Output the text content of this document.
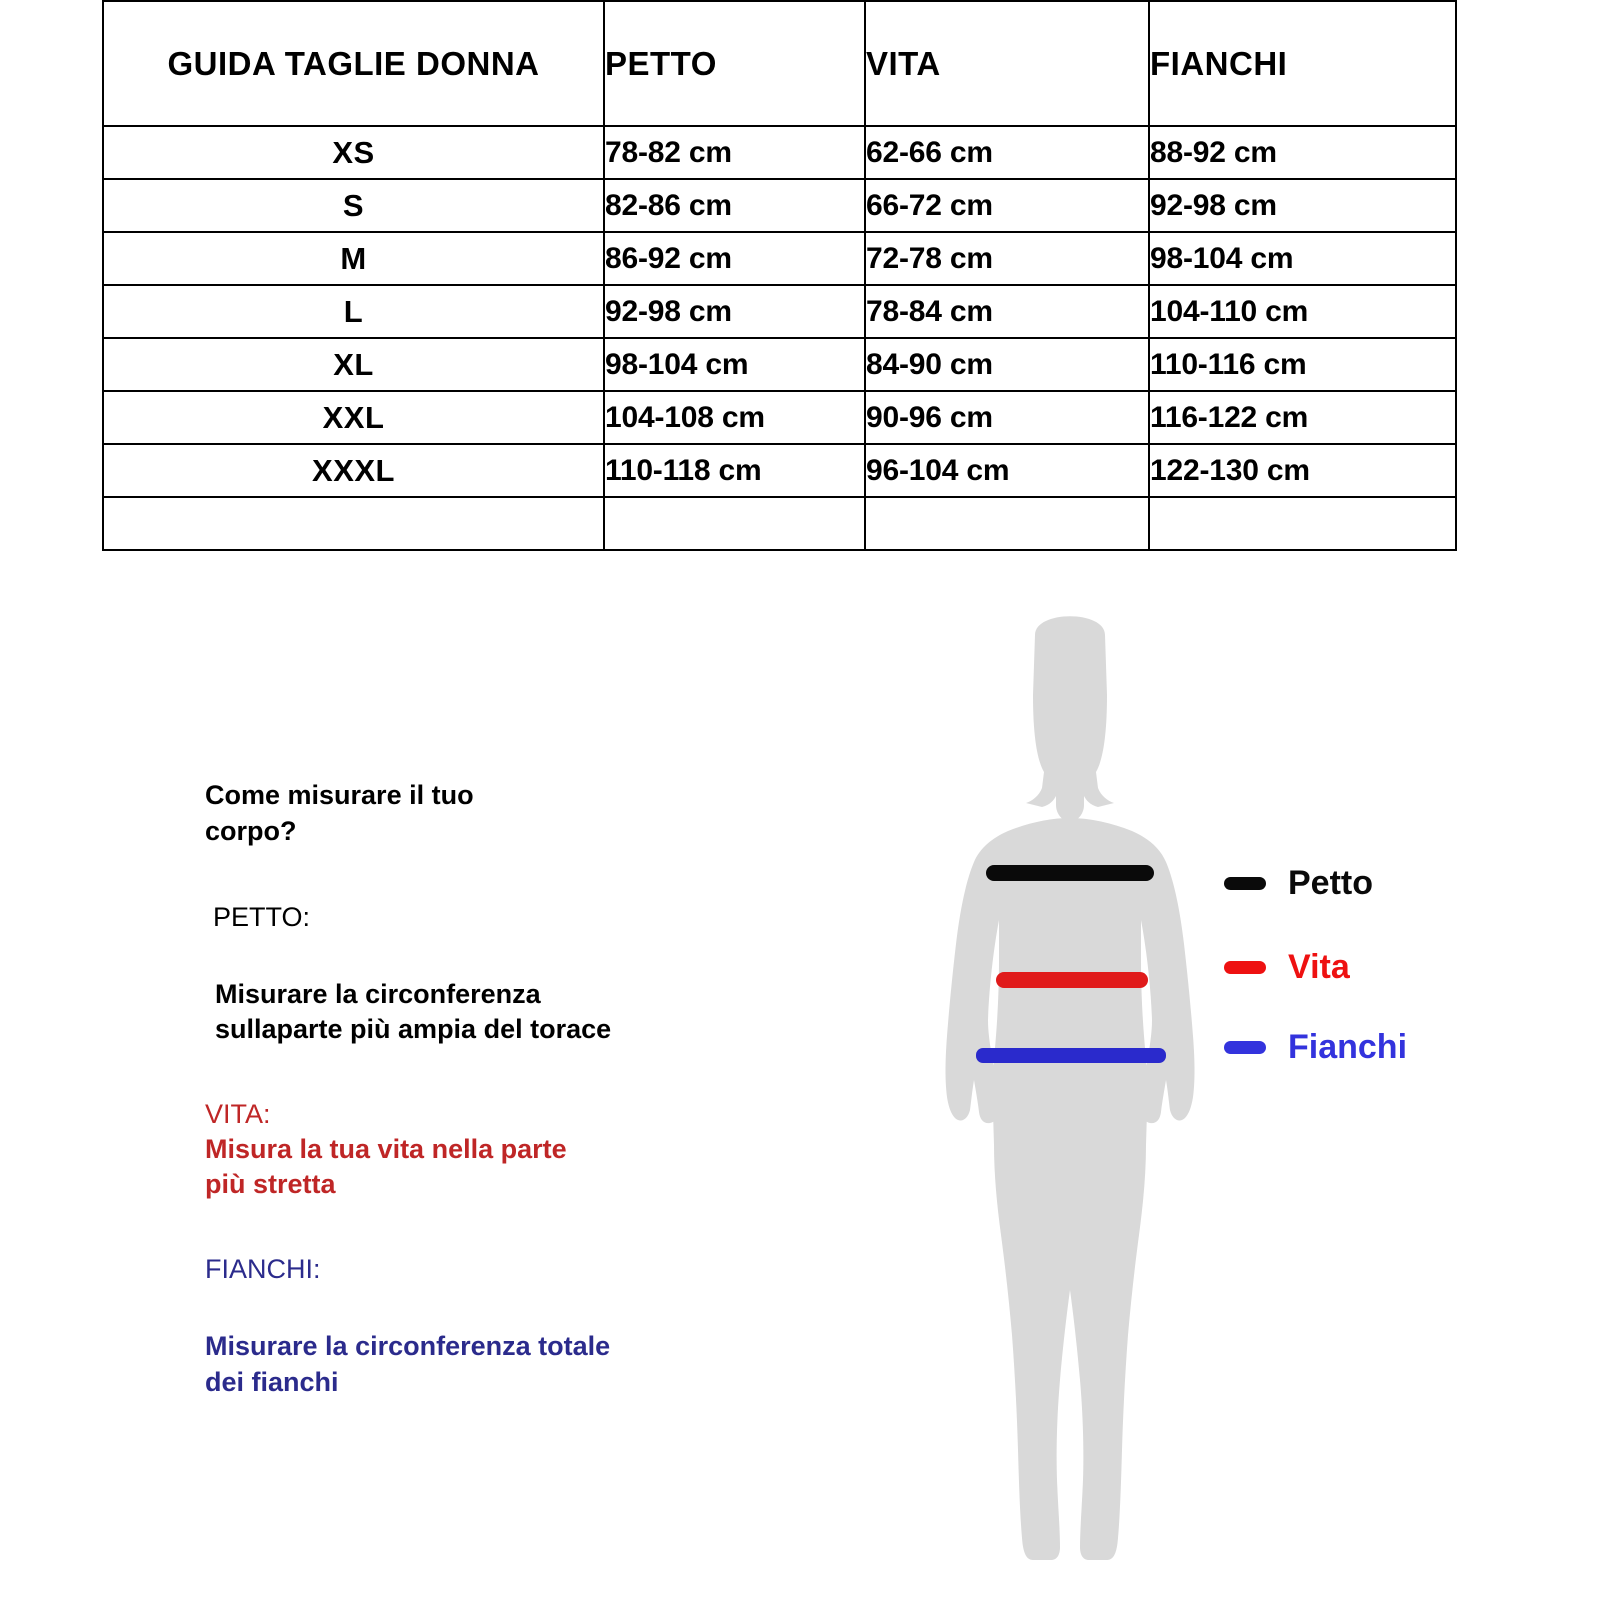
GUIDA TAGLIE DONNA	PETTO	VITA	FIANCHI
XS	78-82 cm	62-66 cm	88-92 cm
S	82-86 cm	66-72 cm	92-98 cm
M	86-92 cm	72-78 cm	98-104 cm
L	92-98 cm	78-84 cm	104-110 cm
XL	98-104 cm	84-90 cm	110-116 cm
XXL	104-108 cm	90-96 cm	116-122 cm
XXXL	110-118 cm	96-104 cm	122-130 cm

Come misurare il tuo

corpo?

PETTO:

Misurare la circonferenza

sullaparte più ampia del torace

VITA:

Misura la tua vita nella parte

più stretta

FIANCHI:

Misurare la circonferenza totale

dei fianchi

Petto
Vita
Fianchi
